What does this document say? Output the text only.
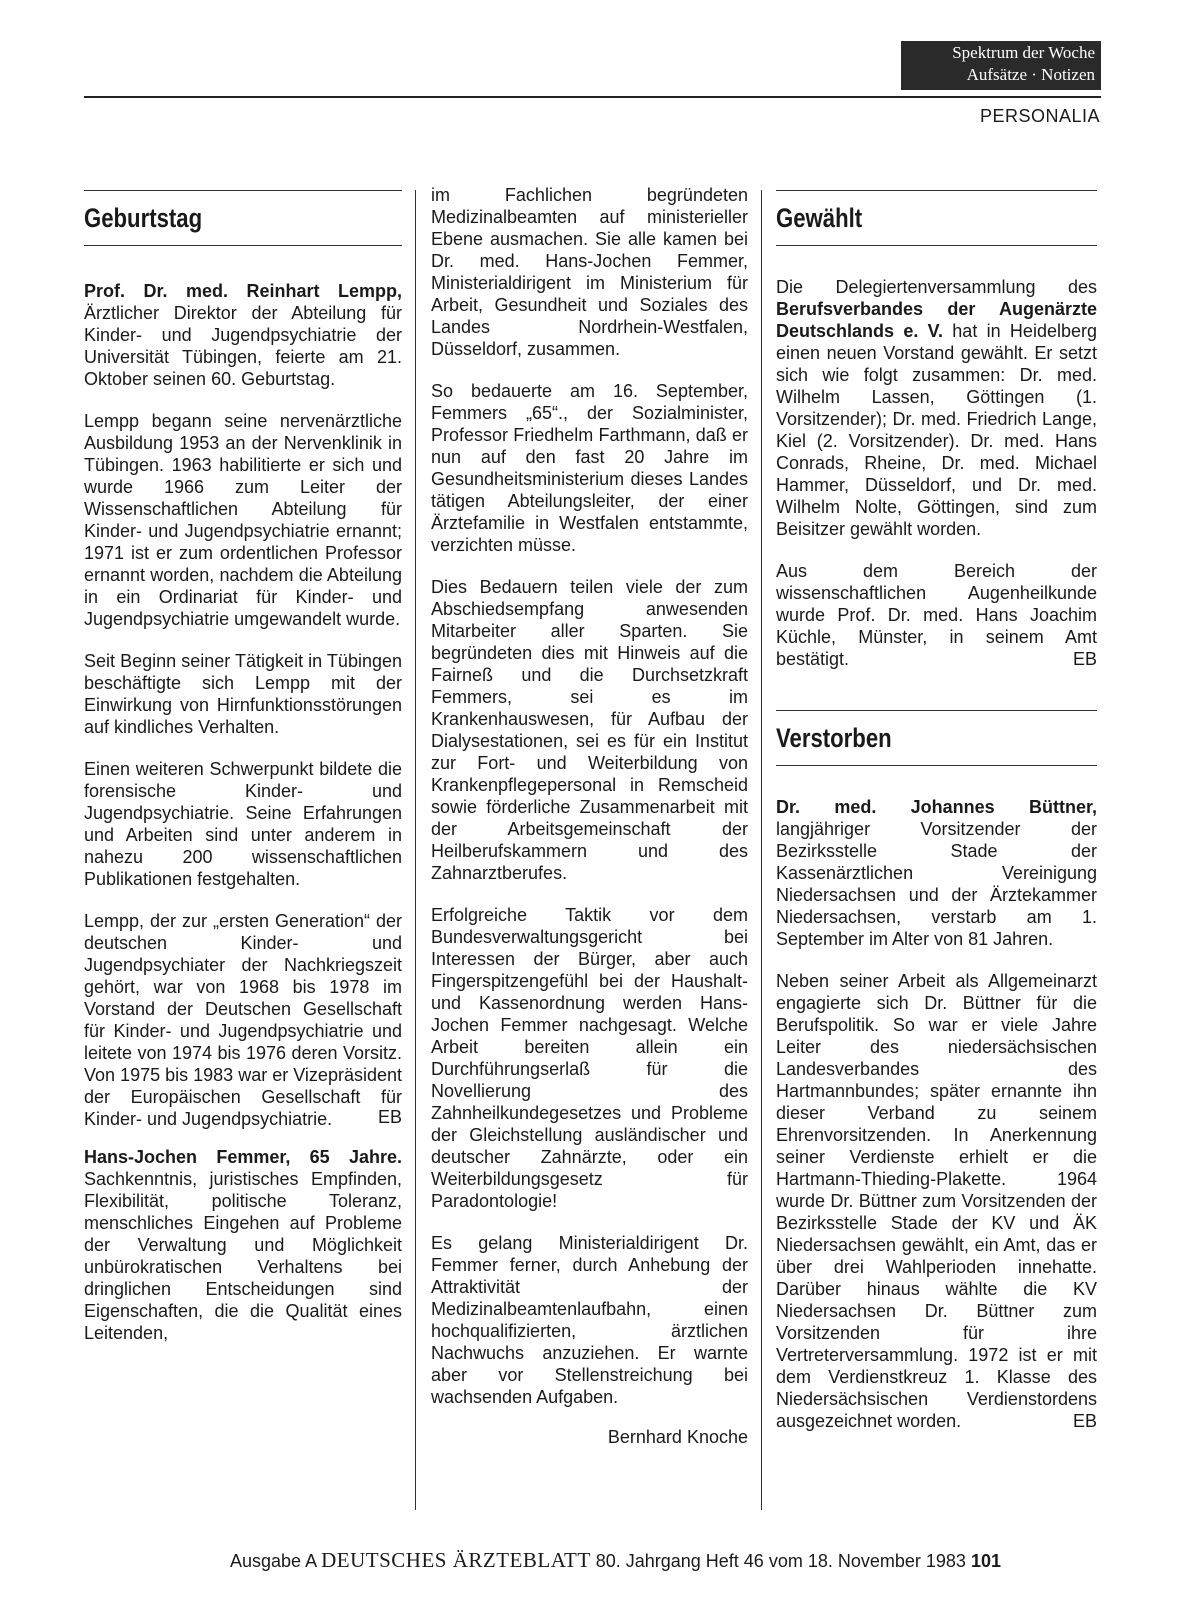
Spektrum der Woche
Aufsätze · Notizen
PERSONALIA
Geburtstag

Prof. Dr. med. Reinhart Lempp, Ärztlicher Direktor der Abteilung für Kinder- und Jugendpsychiatrie der Universität Tübingen, feierte am 21. Oktober seinen 60. Geburtstag.

Lempp begann seine nervenärztliche Ausbildung 1953 an der Nervenklinik in Tübingen. 1963 habilitierte er sich und wurde 1966 zum Leiter der Wissenschaftlichen Abteilung für Kinder- und Jugendpsychiatrie ernannt; 1971 ist er zum ordentlichen Professor ernannt worden, nachdem die Abteilung in ein Ordinariat für Kinder- und Jugendpsychiatrie umgewandelt wurde.

Seit Beginn seiner Tätigkeit in Tübingen beschäftigte sich Lempp mit der Einwirkung von Hirnfunktionsstörungen auf kindliches Verhalten.

Einen weiteren Schwerpunkt bildete die forensische Kinder- und Jugendpsychiatrie. Seine Erfahrungen und Arbeiten sind unter anderem in nahezu 200 wissenschaftlichen Publikationen festgehalten.

Lempp, der zur „ersten Generation“ der deutschen Kinder- und Jugendpsychiater der Nachkriegszeit gehört, war von 1968 bis 1978 im Vorstand der Deutschen Gesellschaft für Kinder- und Jugendpsychiatrie und leitete von 1974 bis 1976 deren Vorsitz. Von 1975 bis 1983 war er Vizepräsident der Europäischen Gesellschaft für Kinder- und Jugendpsychiatrie.	EB

Hans-Jochen Femmer, 65 Jahre. Sachkenntnis, juristisches Empfinden, Flexibilität, politische Toleranz, menschliches Eingehen auf Probleme der Verwaltung und Möglichkeit unbürokratischen Verhaltens bei dringlichen Entscheidungen sind Eigenschaften, die die Qualität eines Leitenden,

im Fachlichen begründeten Medizinalbeamten auf ministerieller Ebene ausmachen. Sie alle kamen bei Dr. med. Hans-Jochen Femmer, Ministerialdirigent im Ministerium für Arbeit, Gesundheit und Soziales des Landes Nordrhein-Westfalen, Düsseldorf, zusammen.

So bedauerte am 16. September, Femmers „65“., der Sozialminister, Professor Friedhelm Farthmann, daß er nun auf den fast 20 Jahre im Gesundheitsministerium dieses Landes tätigen Abteilungsleiter, der einer Ärztefamilie in Westfalen entstammte, verzichten müsse.

Dies Bedauern teilen viele der zum Abschiedsempfang anwesenden Mitarbeiter aller Sparten. Sie begründeten dies mit Hinweis auf die Fairneß und die Durchsetzkraft Femmers, sei es im Krankenhauswesen, für Aufbau der Dialysestationen, sei es für ein Institut zur Fort- und Weiterbildung von Krankenpflegepersonal in Remscheid sowie förderliche Zusammenarbeit mit der Arbeitsgemeinschaft der Heilberufskammern und des Zahnarztberufes.

Erfolgreiche Taktik vor dem Bundesverwaltungsgericht bei Interessen der Bürger, aber auch Fingerspitzengefühl bei der Haushalt- und Kassenordnung werden Hans-Jochen Femmer nachgesagt. Welche Arbeit bereiten allein ein Durchführungserlaß für die Novellierung des Zahnheilkundegesetzes und Probleme der Gleichstellung ausländischer und deutscher Zahnärzte, oder ein Weiterbildungsgesetz für Paradontologie!

Es gelang Ministerialdirigent Dr. Femmer ferner, durch Anhebung der Attraktivität der Medizinalbeamtenlaufbahn, einen hochqualifizierten, ärztlichen Nachwuchs anzuziehen. Er warnte aber vor Stellenstreichung bei wachsenden Aufgaben.

Bernhard Knoche
Gewählt

Die Delegiertenversammlung des Berufsverbandes der Augenärzte Deutschlands e. V. hat in Heidelberg einen neuen Vorstand gewählt. Er setzt sich wie folgt zusammen: Dr. med. Wilhelm Lassen, Göttingen (1. Vorsitzender); Dr. med. Friedrich Lange, Kiel (2. Vorsitzender). Dr. med. Hans Conrads, Rheine, Dr. med. Michael Hammer, Düsseldorf, und Dr. med. Wilhelm Nolte, Göttingen, sind zum Beisitzer gewählt worden.

Aus dem Bereich der wissenschaftlichen Augenheilkunde wurde Prof. Dr. med. Hans Joachim Küchle, Münster, in seinem Amt bestätigt.	EB

Verstorben

Dr. med. Johannes Büttner, langjähriger Vorsitzender der Bezirksstelle Stade der Kassenärztlichen Vereinigung Niedersachsen und der Ärztekammer Niedersachsen, verstarb am 1. September im Alter von 81 Jahren.

Neben seiner Arbeit als Allgemeinarzt engagierte sich Dr. Büttner für die Berufspolitik. So war er viele Jahre Leiter des niedersächsischen Landesverbandes des Hartmannbundes; später ernannte ihn dieser Verband zu seinem Ehrenvorsitzenden. In Anerkennung seiner Verdienste erhielt er die Hartmann-Thieding-Plakette. 1964 wurde Dr. Büttner zum Vorsitzenden der Bezirksstelle Stade der KV und ÄK Niedersachsen gewählt, ein Amt, das er über drei Wahlperioden innehatte. Darüber hinaus wählte die KV Niedersachsen Dr. Büttner zum Vorsitzenden für ihre Vertreterversammlung. 1972 ist er mit dem Verdienstkreuz 1. Klasse des Niedersächsischen Verdienstordens ausgezeichnet worden.	EB

Ausgabe A DEUTSCHES ÄRZTEBLATT 80. Jahrgang Heft 46 vom 18. November 1983 101
